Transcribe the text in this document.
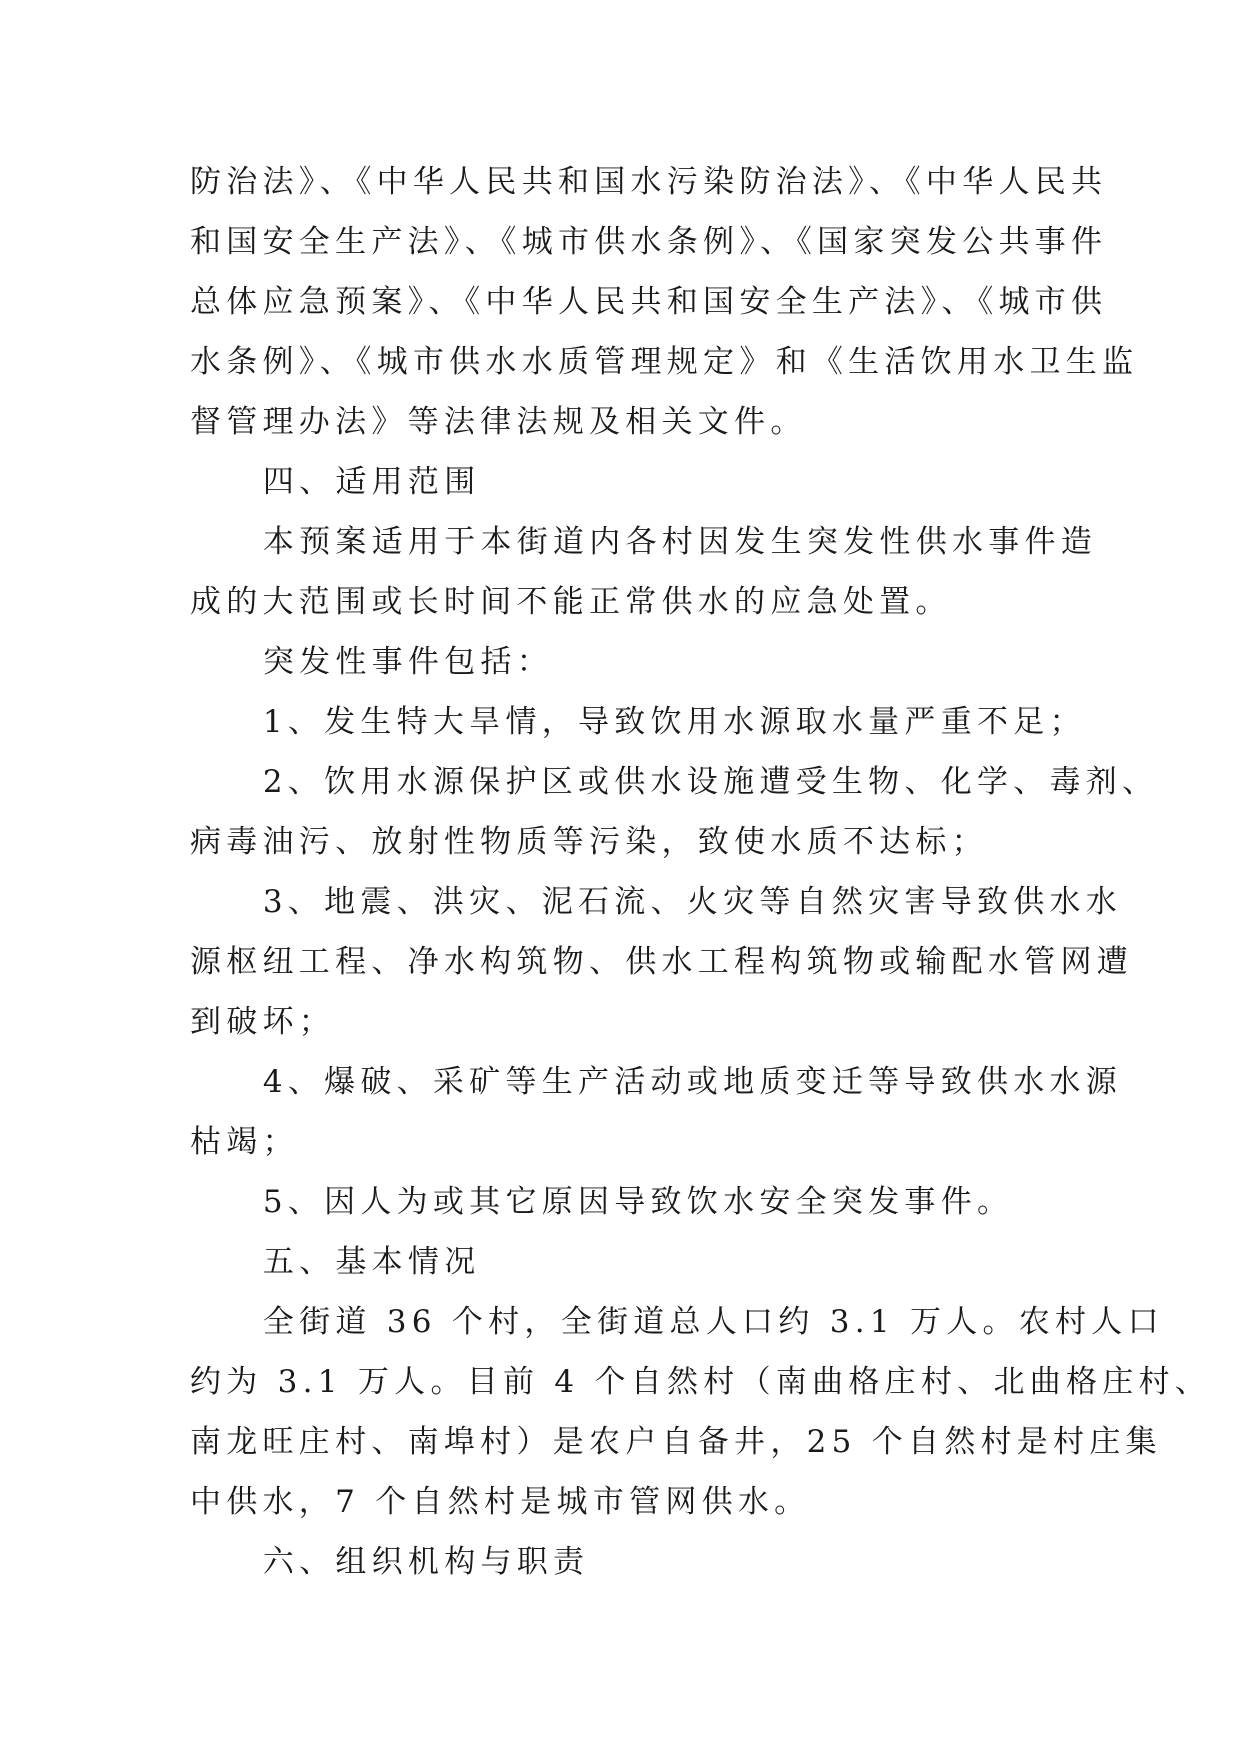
防治法》、《中华人民共和国水污染防治法》、《中华人民共
和国安全生产法》、《城市供水条例》、《国家突发公共事件
总体应急预案》、《中华人民共和国安全生产法》、《城市供
水条例》、《城市供水水质管理规定》和《生活饮用水卫生监
督管理办法》等法律法规及相关文件。
四、适用范围
本预案适用于本街道内各村因发生突发性供水事件造
成的大范围或长时间不能正常供水的应急处置。
突发性事件包括：
1、发生特大旱情，导致饮用水源取水量严重不足；
2、饮用水源保护区或供水设施遭受生物、化学、毒剂、
病毒油污、放射性物质等污染，致使水质不达标；
3、地震、洪灾、泥石流、火灾等自然灾害导致供水水
源枢纽工程、净水构筑物、供水工程构筑物或输配水管网遭
到破坏；
4、爆破、采矿等生产活动或地质变迁等导致供水水源
枯竭；
5、因人为或其它原因导致饮水安全突发事件。
五、基本情况
全街道 36 个村，全街道总人口约 3.1 万人。农村人口
约为 3.1 万人。目前 4 个自然村（南曲格庄村、北曲格庄村、
南龙旺庄村、南埠村）是农户自备井，25 个自然村是村庄集
中供水，7 个自然村是城市管网供水。
六、组织机构与职责
